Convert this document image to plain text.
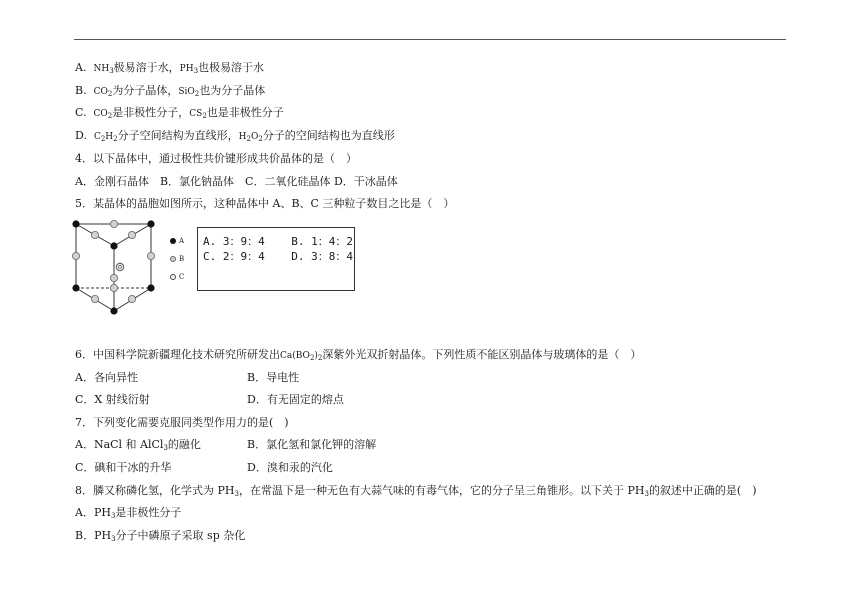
A. $NH_3$极易溶于水，$PH_3$也极易溶于水
B. $CO_2$为分子晶体，SiO$_2$也为分子晶体
C. $CO_2$是非极性分子，$CS_2$也是非极性分子
D. $C_2H_2$分子空间结构为直线形，$H_2O_2$分子的空间结构也为直线形
4．以下晶体中，通过极性共价键形成共价晶体的是（　）
A．金刚石晶体　B．氯化钠晶体　C．二氧化硅晶体 D．干冰晶体
5．某晶体的晶胞如图所示，这种晶体中 A、B、C 三种粒子数目之比是（　）
A
B
C
A. 3：9：4    B. 1：4：2
C. 2：9：4    D. 3：8：4
6．中国科学院新疆理化技术研究所研发出$Ca(BO_2)_2$深紫外光双折射晶体。下列性质不能区别晶体与玻璃体的是（　）
A．各向异性	B．导电性
C．X 射线衍射	D．有无固定的熔点
7．下列变化需要克服同类型作用力的是(　)
A．NaCl 和 AlCl$_3$的融化	B．氯化氢和氯化钾的溶解
C．碘和干冰的升华	D．溴和汞的汽化
8．膦又称磷化氢，化学式为 $PH_3$，在常温下是一种无色有大蒜气味的有毒气体，它的分子呈三角锥形。以下关于 $PH_3$的叙述中正确的是(　)
A．$PH_3$是非极性分子
B．$PH_3$分子中磷原子采取 sp 杂化
